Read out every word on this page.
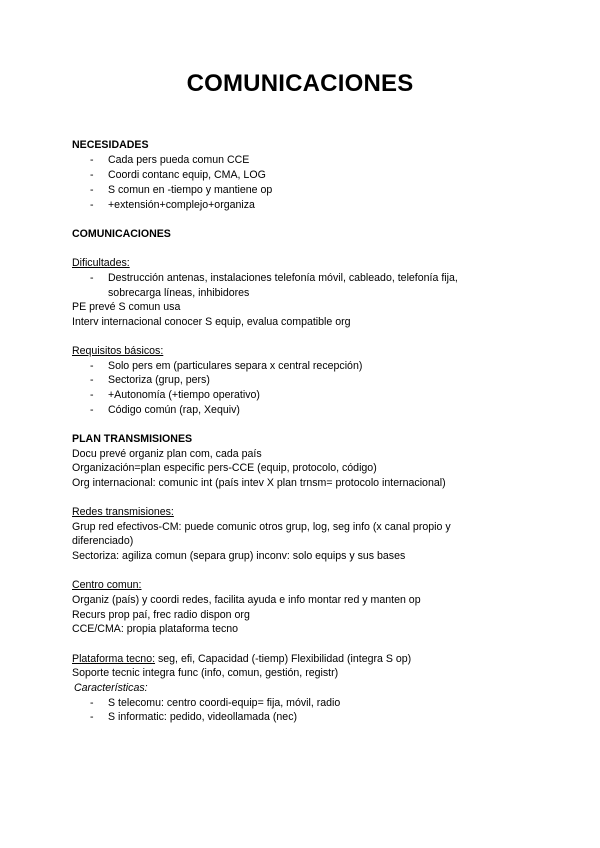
COMUNICACIONES
NECESIDADES
- Cada pers pueda comun CCE
- Coordi contanc equip, CMA, LOG
- S comun en -tiempo y mantiene op
- +extensión+complejo+organiza
COMUNICACIONES
Dificultades:
- Destrucción antenas, instalaciones telefonía móvil, cableado, telefonía fija,
sobrecarga líneas, inhibidores
PE prevé S comun usa
Interv internacional conocer S equip, evalua compatible org
Requisitos básicos:
- Solo pers em (particulares separa x central recepción)
- Sectoriza (grup, pers)
- +Autonomía (+tiempo operativo)
- Código común (rap, Xequiv)
PLAN TRANSMISIONES
Docu prevé organiz plan com, cada país
Organización=plan especific pers-CCE (equip, protocolo, código)
Org internacional: comunic int (país intev X plan trnsm= protocolo internacional)
Redes transmisiones:
Grup red efectivos-CM: puede comunic otros grup, log, seg info (x canal propio y
diferenciado)
Sectoriza: agiliza comun (separa grup) inconv: solo equips y sus bases
Centro comun:
Organiz (país) y coordi redes, facilita ayuda e info montar red y manten op
Recurs prop paí, frec radio dispon org
CCE/CMA: propia plataforma tecno
Plataforma tecno: seg, efi, Capacidad (-tiemp) Flexibilidad (integra S op)
Soporte tecnic integra func (info, comun, gestión, registr)
Características:
- S telecomu: centro coordi-equip= fija, móvil, radio
- S informatic: pedido, videollamada (nec)
